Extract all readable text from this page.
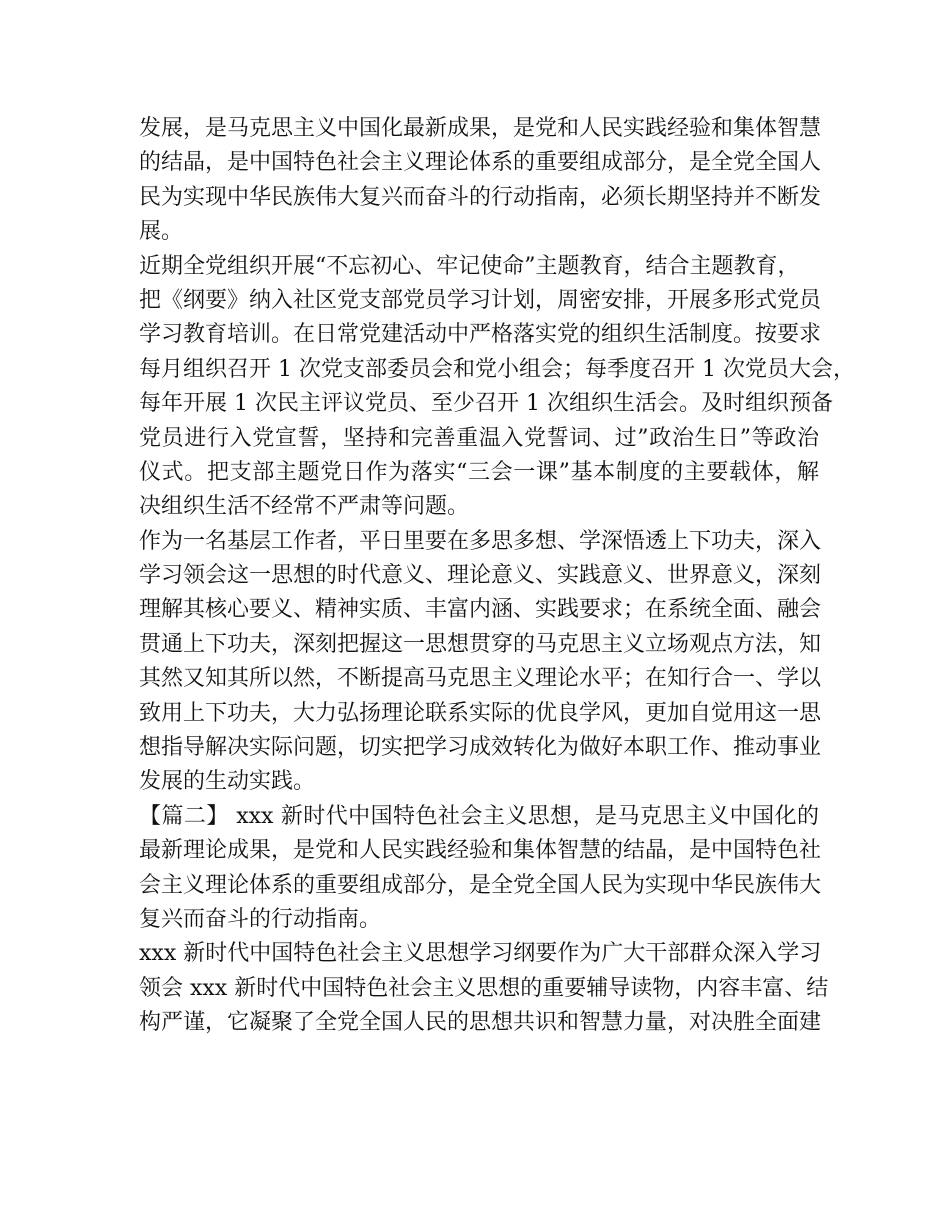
发展，是马克思主义中国化最新成果，是党和人民实践经验和集体智慧
的结晶，是中国特色社会主义理论体系的重要组成部分，是全党全国人
民为实现中华民族伟大复兴而奋斗的行动指南，必须长期坚持并不断发
展。
近期全党组织开展“不忘初心、牢记使命”主题教育，结合主题教育，
把《纲要》纳入社区党支部党员学习计划，周密安排，开展多形式党员
学习教育培训。在日常党建活动中严格落实党的组织生活制度。按要求
每月组织召开 1 次党支部委员会和党小组会；每季度召开 1 次党员大会，
每年开展 1 次民主评议党员、至少召开 1 次组织生活会。及时组织预备
党员进行入党宣誓，坚持和完善重温入党誓词、过”政治生日”等政治
仪式。把支部主题党日作为落实“三会一课”基本制度的主要载体，解
决组织生活不经常不严肃等问题。
作为一名基层工作者，平日里要在多思多想、学深悟透上下功夫，深入
学习领会这一思想的时代意义、理论意义、实践意义、世界意义，深刻
理解其核心要义、精神实质、丰富内涵、实践要求；在系统全面、融会
贯通上下功夫，深刻把握这一思想贯穿的马克思主义立场观点方法，知
其然又知其所以然，不断提高马克思主义理论水平；在知行合一、学以
致用上下功夫，大力弘扬理论联系实际的优良学风，更加自觉用这一思
想指导解决实际问题，切实把学习成效转化为做好本职工作、推动事业
发展的生动实践。
【篇二】 xxx 新时代中国特色社会主义思想，是马克思主义中国化的
最新理论成果，是党和人民实践经验和集体智慧的结晶，是中国特色社
会主义理论体系的重要组成部分，是全党全国人民为实现中华民族伟大
复兴而奋斗的行动指南。
xxx 新时代中国特色社会主义思想学习纲要作为广大干部群众深入学习
领会 xxx 新时代中国特色社会主义思想的重要辅导读物，内容丰富、结
构严谨，它凝聚了全党全国人民的思想共识和智慧力量，对决胜全面建
